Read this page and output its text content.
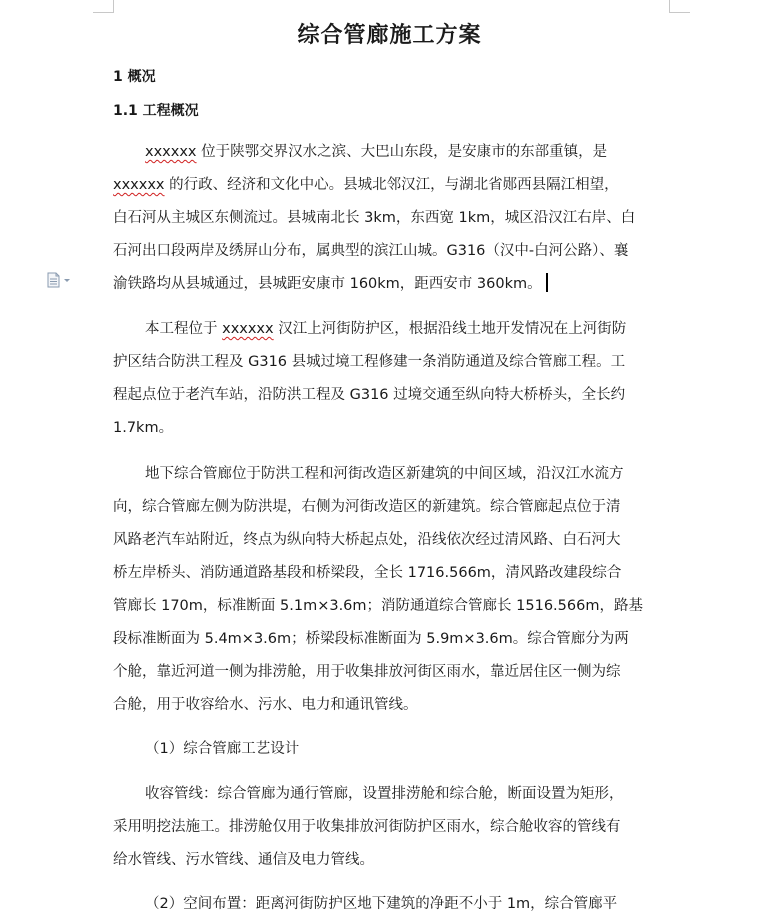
综合管廊施工方案
1 概况
1.1 工程概况
xxxxxx 位于陕鄂交界汉水之滨、大巴山东段，是安康市的东部重镇，是
xxxxxx 的行政、经济和文化中心。县城北邻汉江，与湖北省郧西县隔江相望，
白石河从主城区东侧流过。县城南北长 3km，东西宽 1km，城区沿汉江右岸、白
石河出口段两岸及绣屏山分布，属典型的滨江山城。G316（汉中-白河公路）、襄
渝铁路均从县城通过，县城距安康市 160km，距西安市 360km。
本工程位于 xxxxxx 汉江上河街防护区，根据沿线土地开发情况在上河街防
护区结合防洪工程及 G316 县城过境工程修建一条消防通道及综合管廊工程。工
程起点位于老汽车站，沿防洪工程及 G316 过境交通至纵向特大桥桥头，全长约
1.7km。
地下综合管廊位于防洪工程和河街改造区新建筑的中间区域，沿汉江水流方
向，综合管廊左侧为防洪堤，右侧为河街改造区的新建筑。综合管廊起点位于清
风路老汽车站附近，终点为纵向特大桥起点处，沿线依次经过清风路、白石河大
桥左岸桥头、消防通道路基段和桥梁段，全长 1716.566m，清风路改建段综合
管廊长 170m，标准断面 5.1m×3.6m；消防通道综合管廊长 1516.566m，路基
段标准断面为 5.4m×3.6m；桥梁段标准断面为 5.9m×3.6m。综合管廊分为两
个舱，靠近河道一侧为排涝舱，用于收集排放河街区雨水，靠近居住区一侧为综
合舱，用于收容给水、污水、电力和通讯管线。
（1）综合管廊工艺设计
收容管线：综合管廊为通行管廊，设置排涝舱和综合舱，断面设置为矩形，
采用明挖法施工。排涝舱仅用于收集排放河街防护区雨水，综合舱收容的管线有
给水管线、污水管线、通信及电力管线。
（2）空间布置：距离河街防护区地下建筑的净距不小于 1m，综合管廊平
